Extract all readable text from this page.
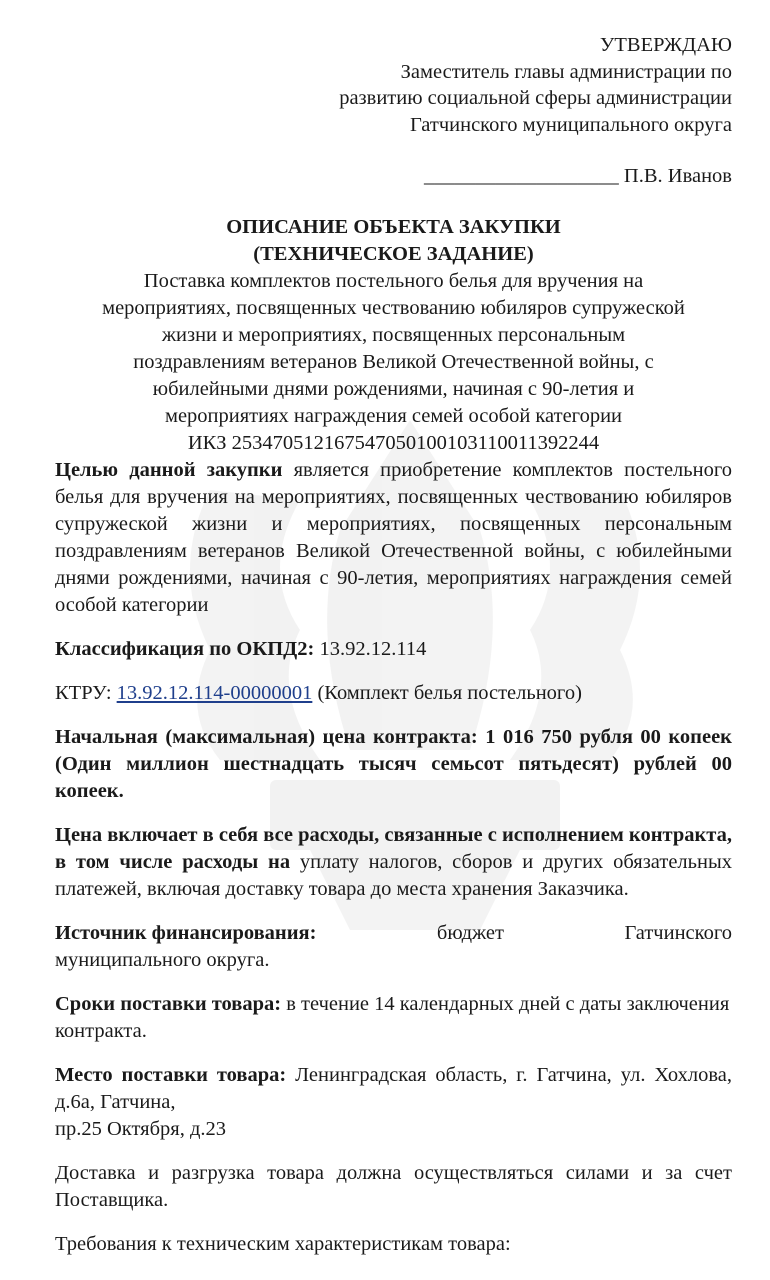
УТВЕРЖДАЮ
Заместитель главы администрации по
развитию социальной сферы администрации
Гатчинского муниципального округа
___________________ П.В. Иванов
ОПИСАНИЕ ОБЪЕКТА ЗАКУПКИ
(ТЕХНИЧЕСКОЕ ЗАДАНИЕ)
Поставка комплектов постельного белья для вручения на
мероприятиях, посвященных чествованию юбиляров супружеской
жизни и мероприятиях, посвященных персональным
поздравлениям ветеранов Великой Отечественной войны, с
юбилейными днями рождениями, начиная с 90-летия и
мероприятиях награждения семей особой категории
ИКЗ 253470512167547050100103110011392244

Целью данной закупки является приобретение комплектов постельного белья для вручения на мероприятиях, посвященных чествованию юбиляров супружеской жизни и мероприятиях, посвященных персональным поздравлениям ветеранов Великой Отечественной войны, с юбилейными днями рождениями, начиная с 90-летия, мероприятиях награждения семей особой категории

Классификация по ОКПД2: 13.92.12.114

КТРУ: 13.92.12.114-00000001 (Комплект белья постельного)

Начальная (максимальная) цена контракта: 1 016 750 рубля 00 копеек (Один миллион шестнадцать тысяч семьсот пятьдесят) рублей 00 копеек.

Цена включает в себя все расходы, связанные с исполнением контракта, в том числе расходы на уплату налогов, сборов и других обязательных платежей, включая доставку товара до места хранения Заказчика.

Источник финансирования:	бюджет	Гатчинского
муниципального округа.

Сроки поставки товара: в течение 14 календарных дней с даты заключения контракта.

Место поставки товара: Ленинградская область, г. Гатчина, ул. Хохлова, д.6а, Гатчина,

пр.25 Октября, д.23

Доставка и разгрузка товара должна осуществляться силами и за счет Поставщика.

Требования к техническим характеристикам товара:
